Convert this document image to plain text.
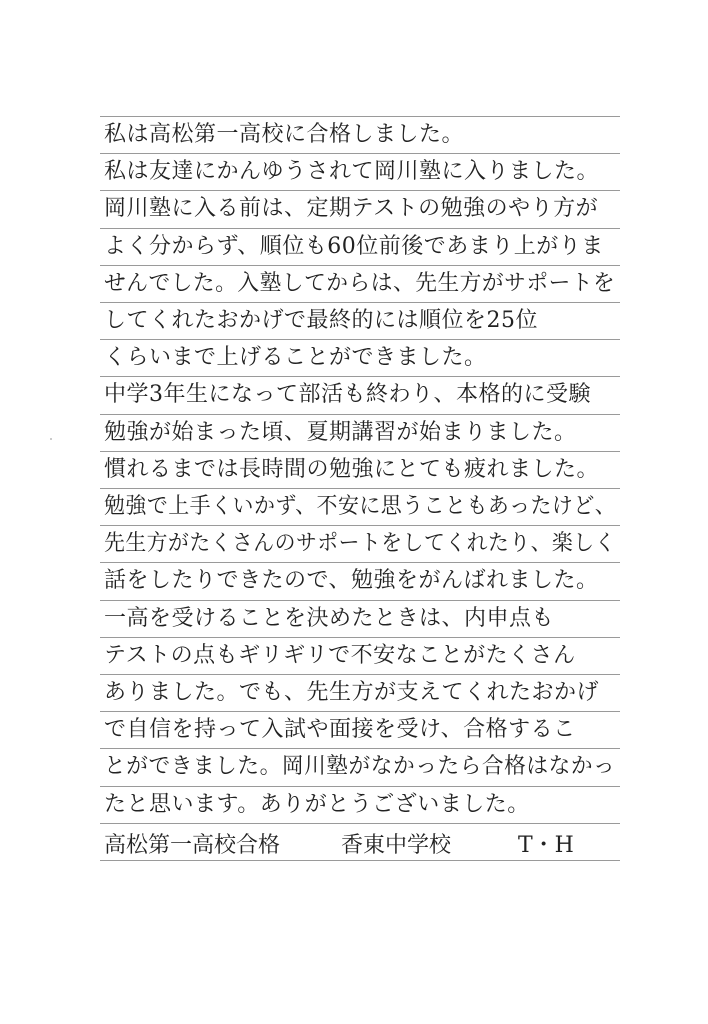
私は高松第一高校に合格しました。
私は友達にかんゆうされて岡川塾に入りました。
岡川塾に入る前は、定期テストの勉強のやり方が
よく分からず、順位も60位前後であまり上がりま
せんでした。入塾してからは、先生方がサポートを
してくれたおかげで最終的には順位を25位
くらいまで上げることができました。
中学3年生になって部活も終わり、本格的に受験
勉強が始まった頃、夏期講習が始まりました。
慣れるまでは長時間の勉強にとても疲れました。
勉強で上手くいかず、不安に思うこともあったけど、
先生方がたくさんのサポートをしてくれたり、楽しく
話をしたりできたので、勉強をがんばれました。
一高を受けることを決めたときは、内申点も
テストの点もギリギリで不安なことがたくさん
ありました。でも、先生方が支えてくれたおかげ
で自信を持って入試や面接を受け、合格するこ
とができました。岡川塾がなかったら合格はなかっ
たと思います。ありがとうございました。
高松第一高校合格	香東中学校	T・H
